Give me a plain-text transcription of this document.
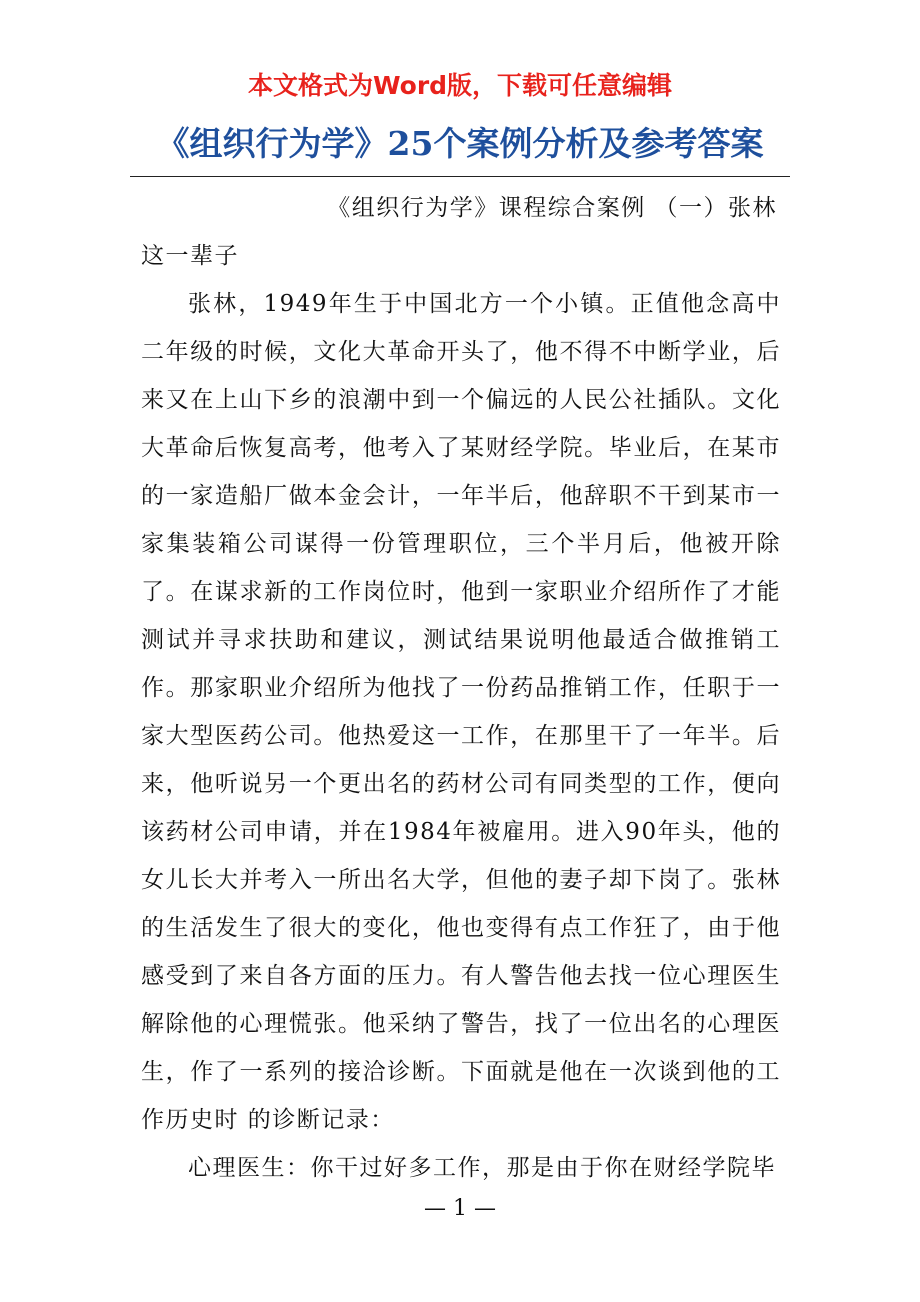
本文格式为Word版，下载可任意编辑
《组织行为学》25个案例分析及参考答案
《组织行为学》课程综合案例 （一）张林
这一辈子
张林，1949年生于中国北方一个小镇。正值他念高中二年级的时候，文化大革命开头了，他不得不中断学业，后来又在上山下乡的浪潮中到一个偏远的人民公社插队。文化大革命后恢复高考，他考入了某财经学院。毕业后，在某市的一家造船厂做本金会计，一年半后，他辞职不干到某市一家集装箱公司谋得一份管理职位，三个半月后，他被开除了。在谋求新的工作岗位时，他到一家职业介绍所作了才能测试并寻求扶助和建议，测试结果说明他最适合做推销工作。那家职业介绍所为他找了一份药品推销工作，任职于一家大型医药公司。他热爱这一工作，在那里干了一年半。后来，他听说另一个更出名的药材公司有同类型的工作，便向该药材公司申请，并在1984年被雇用。进入90年头，他的女儿长大并考入一所出名大学，但他的妻子却下岗了。张林的生活发生了很大的变化，他也变得有点工作狂了，由于他感受到了来自各方面的压力。有人警告他去找一位心理医生解除他的心理慌张。他采纳了警告，找了一位出名的心理医生，作了一系列的接洽诊断。下面就是他在一次谈到他的工作历史时 的诊断记录：
心理医生：你干过好多工作，那是由于你在财经学院毕
— 1 —
